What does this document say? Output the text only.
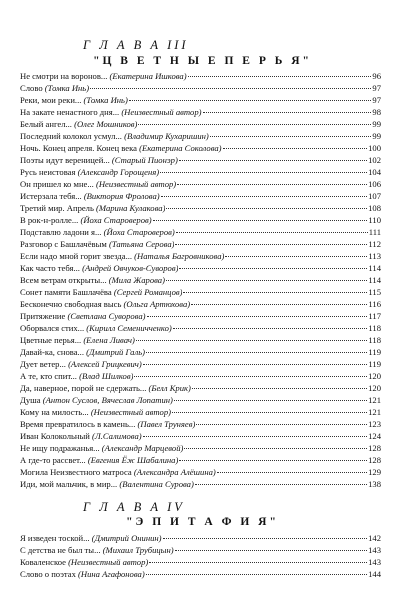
Г Л А В А III
"Ц В Е Т Н Ы Е П Е Р Ь Я"
Не смотри на воронов... (Екатерина Ишкова)	96
Слово (Томка Инь)	97
Реки, мои реки... (Томка Инь)	97
На закате ненастного дня... (Неизвестный автор)	98
Белый ангел... (Олег Мошников)	99
Последний колокол усмул... (Владимир Кухаришин)	99
Ночь. Конец апреля. Конец века (Екатерина Соколова)	100
Поэты идут вереницей... (Старый Пионэр)	102
Русь неистовая (Александр Горощеня)	104
Он пришел ко мне... (Неизвестный автор)	106
Истерзала тебя... (Виктория Фролова)	107
Третий мир. Апрель (Марина Кулакова)	108
В рок-н-ролле... (Йоха Староверов)	110
Подставлю ладони я... (Йоха Староверов)	111
Разговор с Башлачёвым (Татьяна Серова)	112
Если надо мной горит звезда... (Наталья Багровникова)	113
Как часто тебя... (Андрей Овчуков-Суворов)	114
Всем ветрам открыты... (Мила Жарова)	114
Сонет памяти Башлачёва (Сергей Романцов)	115
Бесконечно свободная высь (Ольга Артюхова)	116
Притяжение (Светлана Суворова)	117
Оборвался стих... (Кирилл Семеничченко)	118
Цветные перья... (Елена Ливач)	118
Давай-ка, снова... (Дмитрий Галь)	119
Дует ветер... (Алексей Грицкевич)	119
А те, кто спит... (Влад Шилков)	120
Да, наверное, порой не сдержать... (Белл Крик)	120
Душа (Антон Суслов, Вячеслав Лопатин)	121
Кому на милость... (Неизвестный автор)	121
Время превратилось в камень... (Павел Труняев)	123
Иван Колокольный (Л.Салимова)	124
Не ищу подражанья... (Александр Марцевой)	128
А где-то рассвет... (Евгения Ёж Шабалина)	128
Могила Неизвестного матроса (Александра Алёшина)	129
Иди, мой мальчик, в мир... (Валентина Сурова)	138
Г Л А В А IV
"Э П И Т А Ф И Я"
Я изведен тоской... (Дмитрий Онинин)	142
С детства не был ты... (Михаил Трубицын)	143
Коваленское (Неизвестный автор)	143
Слово о поэтах (Нина Агафонова)	144
